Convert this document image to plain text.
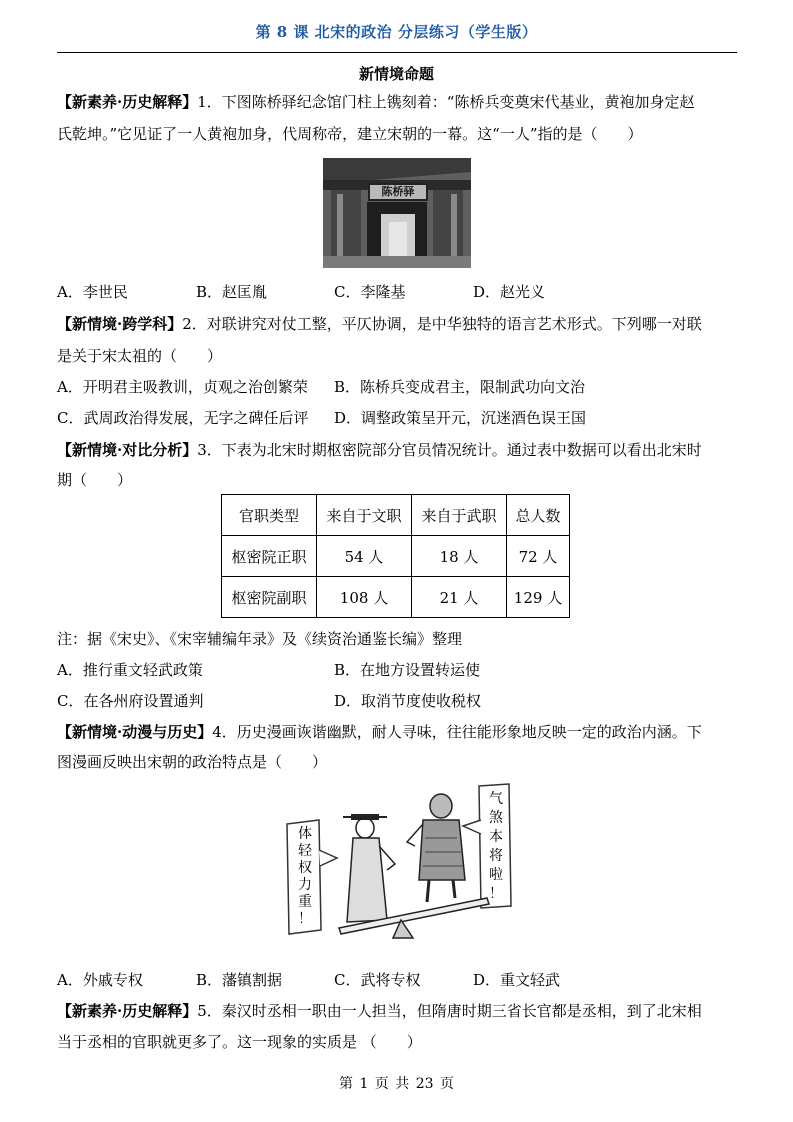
第 8 课 北宋的政治 分层练习（学生版）
新情境命题
【新素养·历史解释】1．下图陈桥驿纪念馆门柱上镌刻着：“陈桥兵变奠宋代基业，黄袍加身定赵
氏乾坤。”它见证了一人黄袍加身，代周称帝，建立宋朝的一幕。这“一人”指的是（　　）
陈桥驿
A．李世民	B．赵匡胤	C．李隆基	D．赵光义
【新情境·跨学科】2．对联讲究对仗工整，平仄协调，是中华独特的语言艺术形式。下列哪一对联
是关于宋太祖的（　　）
A．开明君主吸教训，贞观之治创繁荣 B．陈桥兵变成君主，限制武功向文治
C．武周政治得发展，无字之碑任后评 D．调整政策呈开元，沉迷酒色误王国
【新情境·对比分析】3．下表为北宋时期枢密院部分官员情况统计。通过表中数据可以看出北宋时
期（　　）
官职类型	来自于文职	来自于武职	总人数
枢密院正职	54 人	18 人	72 人
枢密院副职	108 人	21 人	129 人
注：据《宋史》、《宋宰辅编年录》及《续资治通鉴长编》整理
A．推行重文轻武政策	B．在地方设置转运使
C．在各州府设置通判	D．取消节度使收税权
【新情境·动漫与历史】4．历史漫画诙谐幽默，耐人寻味，往往能形象地反映一定的政治内涵。下
图漫画反映出宋朝的政治特点是（　　）
体
轻
权
力
重
！
气
煞
本
将
啦
！
A．外戚专权	B．藩镇割据	C．武将专权	D．重文轻武
【新素养·历史解释】5．秦汉时丞相一职由一人担当，但隋唐时期三省长官都是丞相，到了北宋相
当于丞相的官职就更多了。这一现象的实质是 （　　）
第 1 页 共 23 页
